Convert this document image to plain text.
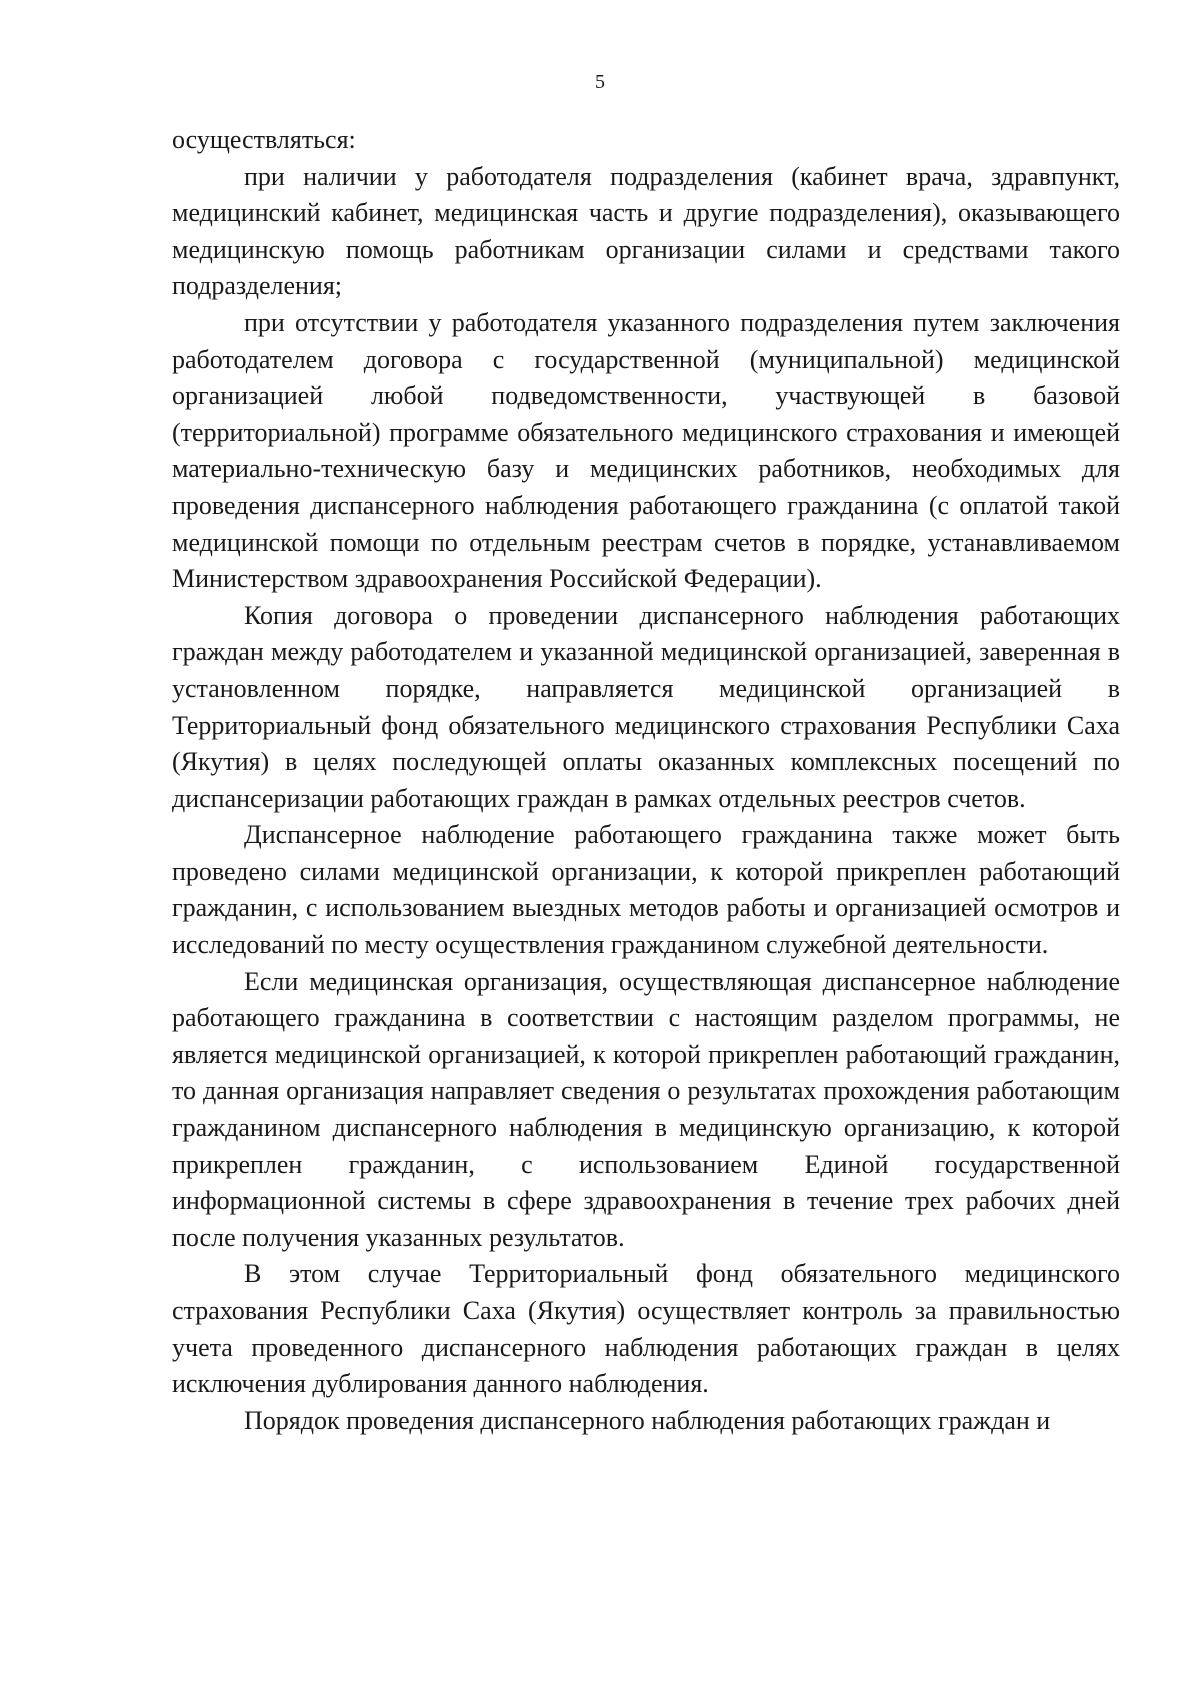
5

осуществляться:

при наличии у работодателя подразделения (кабинет врача, здравпункт, медицинский кабинет, медицинская часть и другие подразделения), оказывающего медицинскую помощь работникам организации силами и средствами такого подразделения;

при отсутствии у работодателя указанного подразделения путем заключения работодателем договора с государственной (муниципальной) медицинской организацией любой подведомственности, участвующей в базовой (территориальной) программе обязательного медицинского страхования и имеющей материально-техническую базу и медицинских работников, необходимых для проведения диспансерного наблюдения работающего гражданина (с оплатой такой медицинской помощи по отдельным реестрам счетов в порядке, устанавливаемом Министерством здравоохранения Российской Федерации).

Копия договора о проведении диспансерного наблюдения работающих граждан между работодателем и указанной медицинской организацией, заверенная в установленном порядке, направляется медицинской организацией в Территориальный фонд обязательного медицинского страхования Республики Саха (Якутия) в целях последующей оплаты оказанных комплексных посещений по диспансеризации работающих граждан в рамках отдельных реестров счетов.

Диспансерное наблюдение работающего гражданина также может быть проведено силами медицинской организации, к которой прикреплен работающий гражданин, с использованием выездных методов работы и организацией осмотров и исследований по месту осуществления гражданином служебной деятельности.

Если медицинская организация, осуществляющая диспансерное наблюдение работающего гражданина в соответствии с настоящим разделом программы, не является медицинской организацией, к которой прикреплен работающий гражданин, то данная организация направляет сведения о результатах прохождения работающим гражданином диспансерного наблюдения в медицинскую организацию, к которой прикреплен гражданин, с использованием Единой государственной информационной системы в сфере здравоохранения в течение трех рабочих дней после получения указанных результатов.

В этом случае Территориальный фонд обязательного медицинского страхования Республики Саха (Якутия) осуществляет контроль за правильностью учета проведенного диспансерного наблюдения работающих граждан в целях исключения дублирования данного наблюдения.

Порядок проведения диспансерного наблюдения работающих граждан и
